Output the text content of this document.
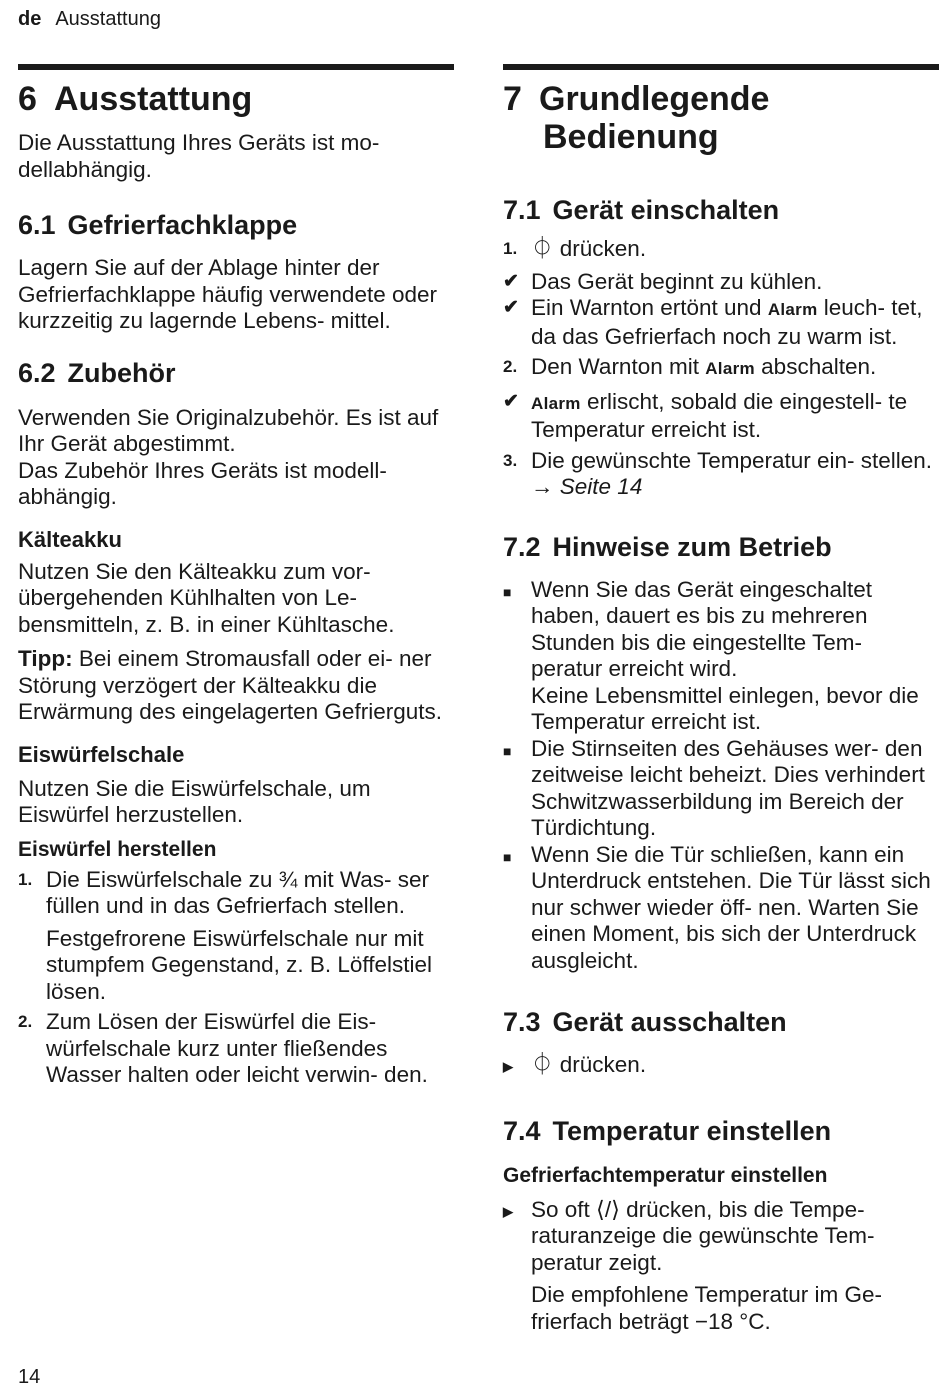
de Ausstattung
6 Ausstattung

Die Ausstattung Ihres Geräts ist mo- dellabhängig.

6.1 Gefrierfachklappe

Lagern Sie auf der Ablage hinter der Gefrierfachklappe häufig verwendete oder kurzzeitig zu lagernde Lebens- mittel.

6.2 Zubehör

Verwenden Sie Originalzubehör. Es ist auf Ihr Gerät abgestimmt.

Das Zubehör Ihres Geräts ist modell- abhängig.

Kälteakku

Nutzen Sie den Kälteakku zum vor- übergehenden Kühlhalten von Le- bensmitteln, z. B. in einer Kühltasche.

Tipp: Bei einem Stromausfall oder ei- ner Störung verzögert der Kälteakku die Erwärmung des eingelagerten Gefrierguts.

Eiswürfelschale

Nutzen Sie die Eiswürfelschale, um Eiswürfel herzustellen.

Eiswürfel herstellen
1. Die Eiswürfelschale zu ¾ mit Was- ser füllen und in das Gefrierfach stellen.

Festgefrorene Eiswürfelschale nur mit stumpfem Gegenstand, z. B. Löffelstiel lösen.

2. Zum Lösen der Eiswürfel die Eis- würfelschale kurz unter fließendes Wasser halten oder leicht verwin- den.
7 Grundlegende
Bedienung
7.1 Gerät einschalten
1. ⏀ drücken.
✔ Das Gerät beginnt zu kühlen.
✔ Ein Warnton ertönt und Alarm leuch- tet, da das Gefrierfach noch zu warm ist.
2. Den Warnton mit Alarm abschalten.
✔ Alarm erlischt, sobald die eingestell- te Temperatur erreicht ist.
3. Die gewünschte Temperatur ein- stellen. → Seite 14
7.2 Hinweise zum Betrieb
■ Wenn Sie das Gerät eingeschaltet haben, dauert es bis zu mehreren Stunden bis die eingestellte Tem- peratur erreicht wird.

Keine Lebensmittel einlegen, bevor die Temperatur erreicht ist.

■ Die Stirnseiten des Gehäuses wer- den zeitweise leicht beheizt. Dies verhindert Schwitzwasserbildung im Bereich der Türdichtung.
■ Wenn Sie die Tür schließen, kann ein Unterdruck entstehen. Die Tür lässt sich nur schwer wieder öff- nen. Warten Sie einen Moment, bis sich der Unterdruck ausgleicht.
7.3 Gerät ausschalten
▶ ⏀ drücken.
7.4 Temperatur einstellen
Gefrierfachtemperatur einstellen
▶ So oft ⟨/⟩ drücken, bis die Tempe- raturanzeige die gewünschte Tem- peratur zeigt.

Die empfohlene Temperatur im Ge- frierfach beträgt −18 °C.

14
